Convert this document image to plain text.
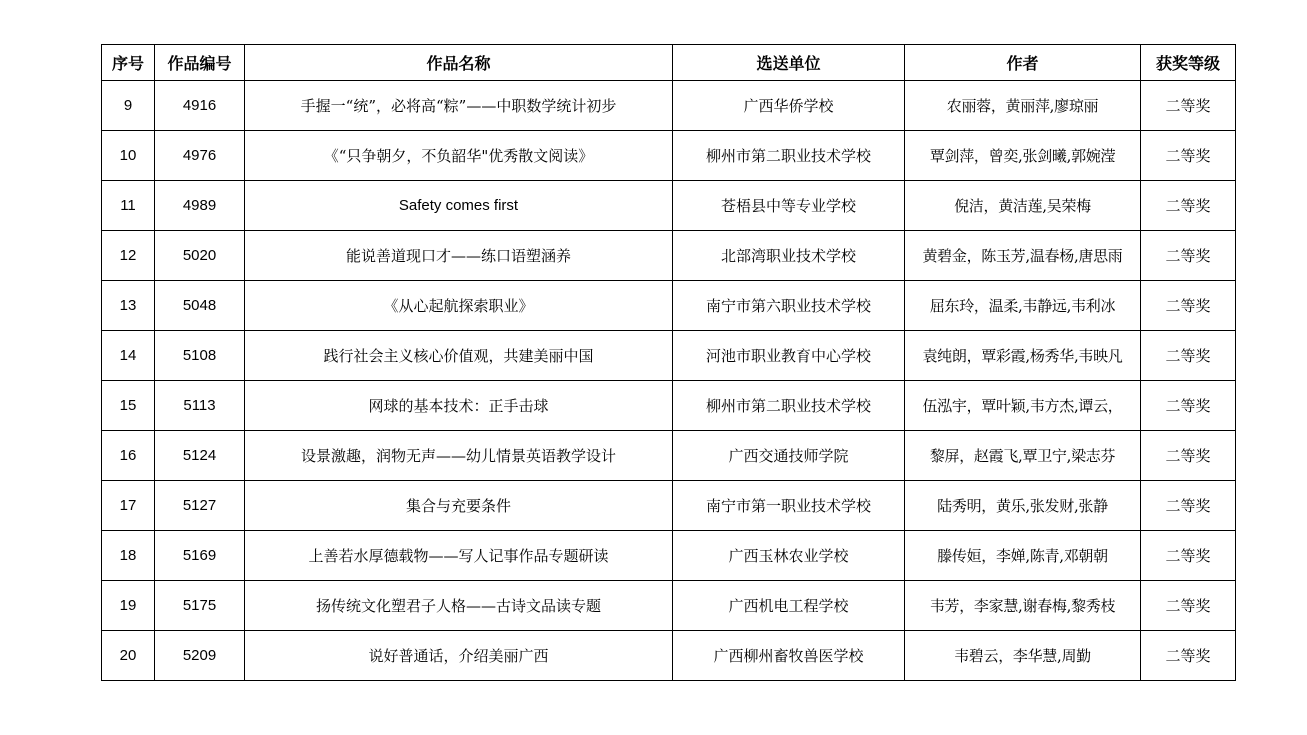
序号	作品编号	作品名称	选送单位	作者	获奖等级
9	4916	手握一“统”，必将高“粽”——中职数学统计初步	广西华侨学校	农丽蓉，黄丽萍,廖琼丽	二等奖
10	4976	《“只争朝夕，不负韶华"优秀散文阅读》	柳州市第二职业技术学校	覃剑萍，曾奕,张剑曦,郭婉滢	二等奖
11	4989	Safety comes first	苍梧县中等专业学校	倪洁，黄洁莲,吴荣梅	二等奖
12	5020	能说善道现口才——练口语塑涵养	北部湾职业技术学校	黄碧金，陈玉芳,温春杨,唐思雨	二等奖
13	5048	《从心起航探索职业》	南宁市第六职业技术学校	屈东玲，温柔,韦静远,韦利冰	二等奖
14	5108	践行社会主义核心价值观，共建美丽中国	河池市职业教育中心学校	袁纯朗，覃彩霞,杨秀华,韦映凡	二等奖
15	5113	网球的基本技术：正手击球	柳州市第二职业技术学校	伍泓宇，覃叶颖,韦方杰,谭云，	二等奖
16	5124	设景激趣，润物无声——幼儿情景英语教学设计	广西交通技师学院	黎屏，赵霞飞,覃卫宁,梁志芬	二等奖
17	5127	集合与充要条件	南宁市第一职业技术学校	陆秀明，黄乐,张发财,张静	二等奖
18	5169	上善若水厚德载物——写人记事作品专题研读	广西玉林农业学校	滕传姮，李婵,陈青,邓朝朝	二等奖
19	5175	扬传统文化塑君子人格——古诗文品读专题	广西机电工程学校	韦芳，李家慧,谢春梅,黎秀枝	二等奖
20	5209	说好普通话，介绍美丽广西	广西柳州畜牧兽医学校	韦碧云，李华慧,周勤	二等奖
